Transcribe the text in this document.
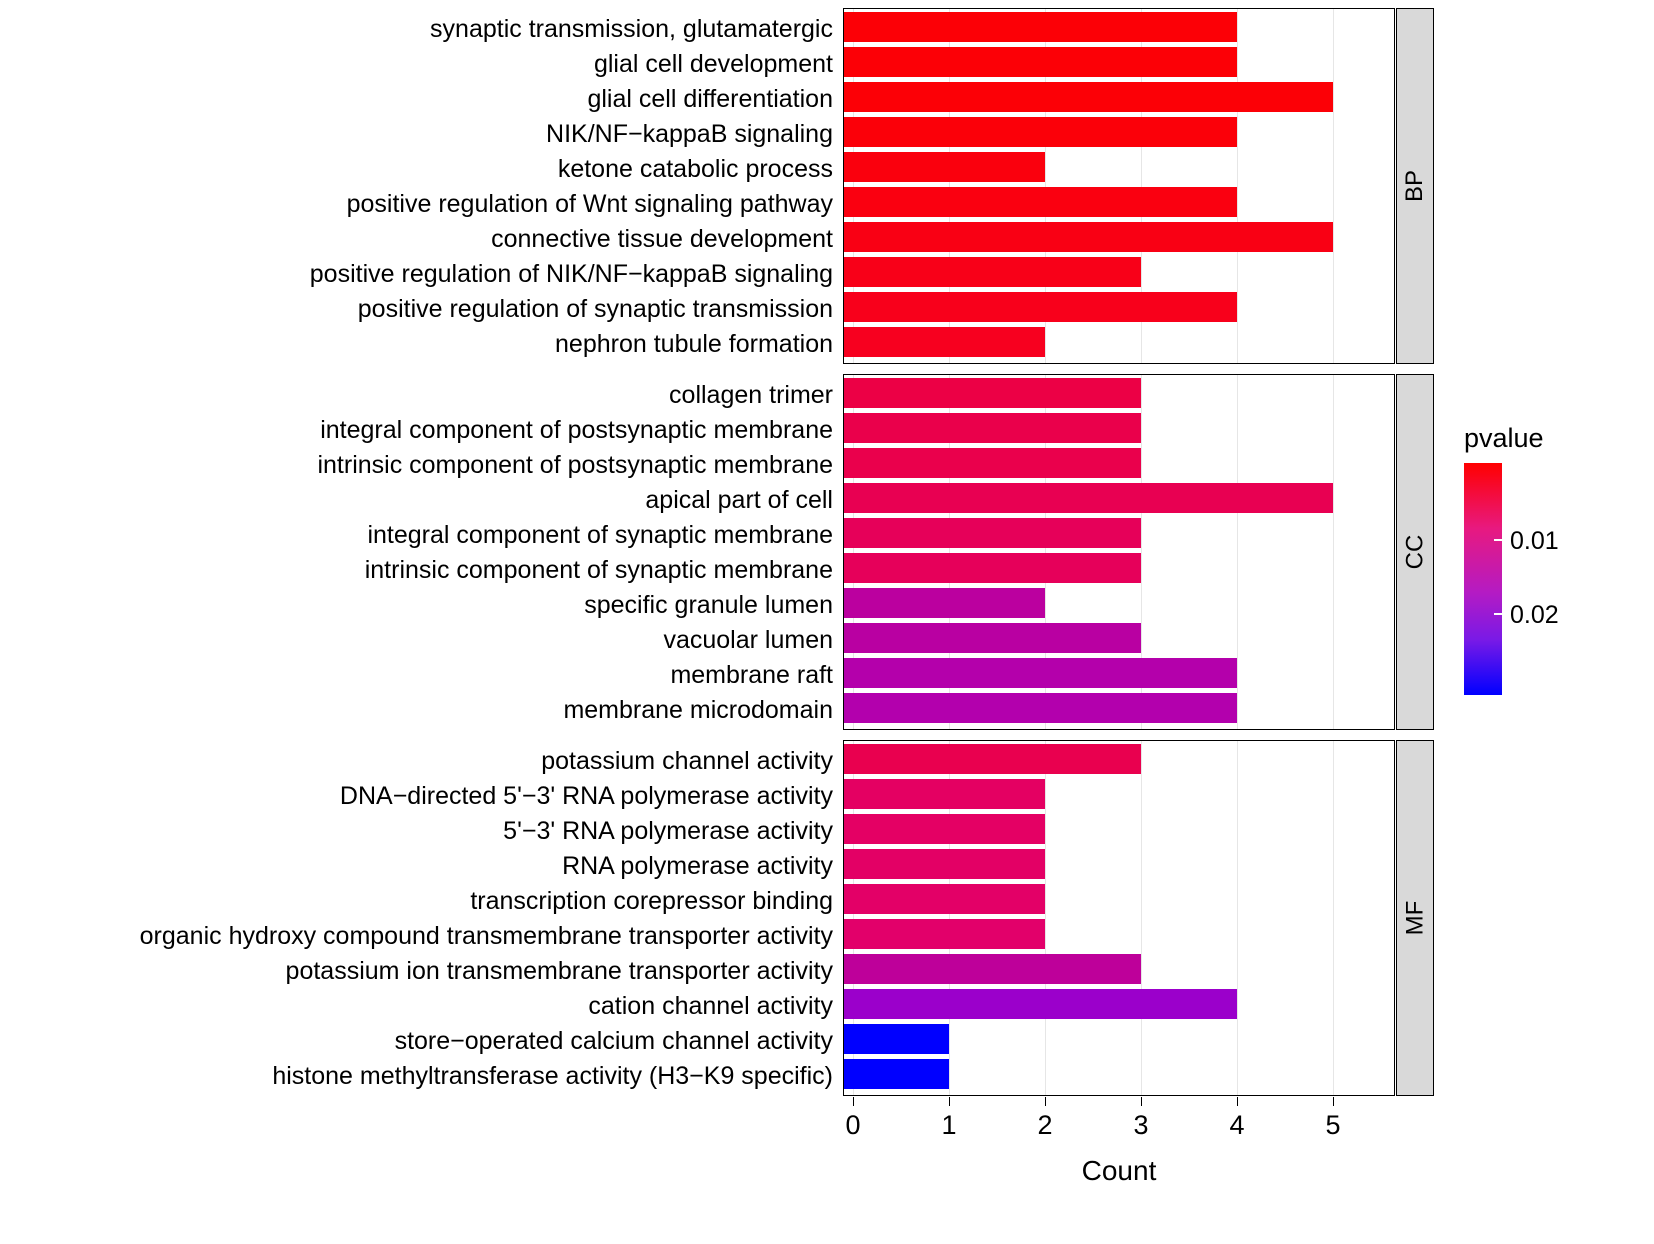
synaptic transmission, glutamatergic
glial cell development
glial cell differentiation
NIK/NF−kappaB signaling
ketone catabolic process
positive regulation of Wnt signaling pathway
connective tissue development
positive regulation of NIK/NF−kappaB signaling
positive regulation of synaptic transmission
nephron tubule formation
BP
collagen trimer
integral component of postsynaptic membrane
intrinsic component of postsynaptic membrane
apical part of cell
integral component of synaptic membrane
intrinsic component of synaptic membrane
specific granule lumen
vacuolar lumen
membrane raft
membrane microdomain
CC
potassium channel activity
DNA−directed 5'−3' RNA polymerase activity
5'−3' RNA polymerase activity
RNA polymerase activity
transcription corepressor binding
organic hydroxy compound transmembrane transporter activity
potassium ion transmembrane transporter activity
cation channel activity
store−operated calcium channel activity
histone methyltransferase activity (H3−K9 specific)
MF
0	1	2	3	4	5
Count
pvalue
0.01
0.02
